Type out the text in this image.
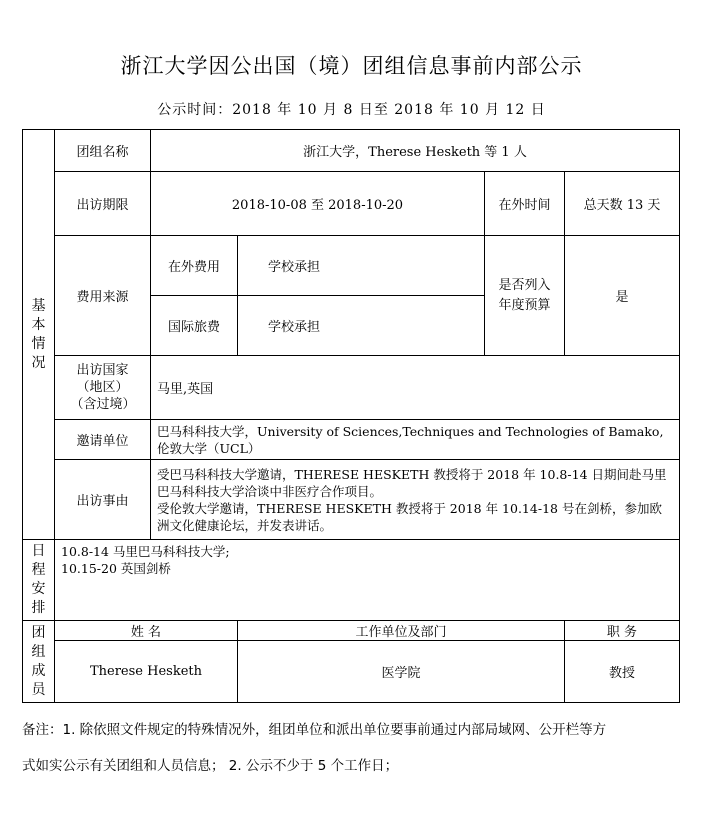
浙江大学因公出国（境）团组信息事前内部公示
公示时间：2018 年 10 月 8 日至 2018 年 10 月 12 日
基本情况	团组名称	浙江大学，Therese Hesketh 等 1 人			
	出访期限	2018-10-08 至 2018-10-20		在外时间	总天数 13 天
	费用来源	在外费用	学校承担	是否列入年度预算	是
		国际旅费	学校承担		
	出访国家（地区）（含过境）	马里,英国			
	邀请单位	巴马科科技大学，University of Sciences,Techniques and Technologies of Bamako,伦敦大学（UCL）			
	出访事由	受巴马科科技大学邀请，THERESE HESKETH 教授将于 2018 年 10.8-14 日期间赴马里巴马科科技大学洽谈中非医疗合作项目。
受伦敦大学邀请，THERESE HESKETH 教授将于 2018 年 10.14-18 号在剑桥，参加欧洲文化健康论坛，并发表讲话。			

日程安排	10.8-14 马里巴马科科技大学;
10.15-20 英国剑桥				

团组成员	姓 名		工作单位及部门		职 务
	Therese Hesketh		医学院		教授
备注：1. 除依照文件规定的特殊情况外，组团单位和派出单位要事前通过内部局域网、公开栏等方
式如实公示有关团组和人员信息； 2. 公示不少于 5 个工作日；
